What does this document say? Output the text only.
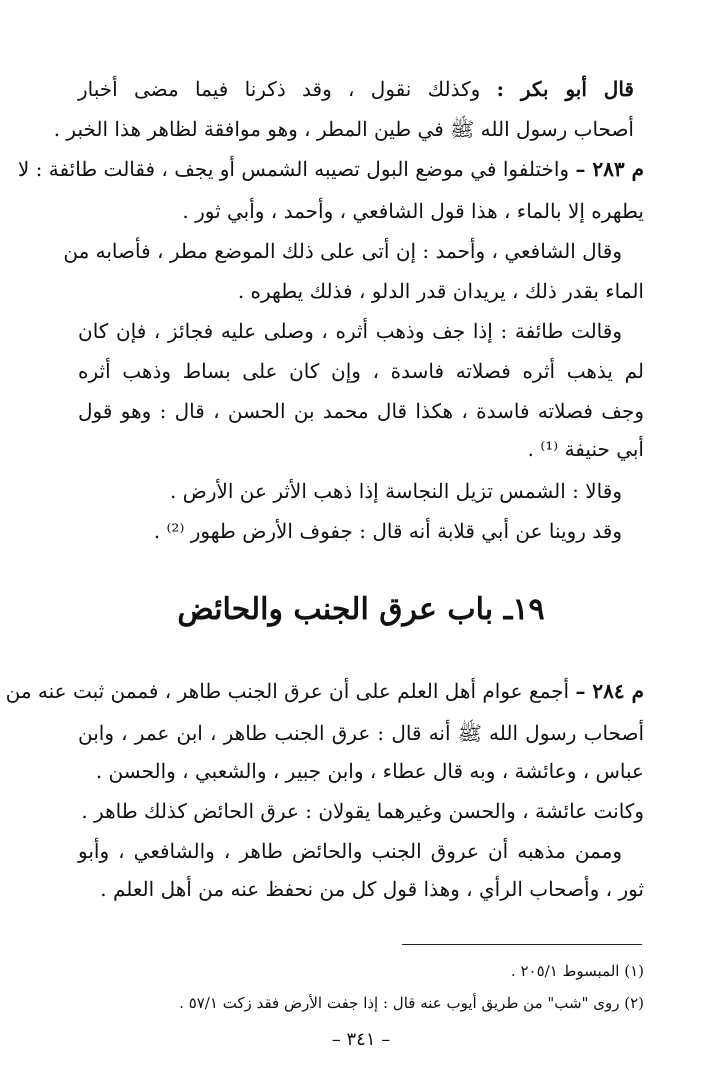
قال أبو بكر : وكذلك نقول ، وقد ذكرنا فيما مضى أخبار
أصحاب رسول الله ﷺ في طين المطر ، وهو موافقة لظاهر هذا الخبر .
م ٢٨٣ – واختلفوا في موضع البول تصيبه الشمس أو يجف ، فقالت طائفة : لا
يطهره إلا بالماء ، هذا قول الشافعي ، وأحمد ، وأبي ثور .
وقال الشافعي ، وأحمد : إن أتى على ذلك الموضع مطر ، فأصابه من
الماء بقدر ذلك ، يريدان قدر الدلو ، فذلك يطهره .
وقالت طائفة : إذا جف وذهب أثره ، وصلى عليه فجائز ، فإن كان
لم يذهب أثره فصلاته فاسدة ، وإن كان على بساط وذهب أثره
وجف فصلاته فاسدة ، هكذا قال محمد بن الحسن ، قال : وهو قول
أبي حنيفة ⁽¹⁾ .
وقالا : الشمس تزيل النجاسة إذا ذهب الأثر عن الأرض .
وقد روينا عن أبي قلابة أنه قال : جفوف الأرض طهور ⁽²⁾ .
١٩ـ باب عرق الجنب والحائض
م ٢٨٤ – أجمع عوام أهل العلم على أن عرق الجنب طاهر ، فممن ثبت عنه من
أصحاب رسول الله ﷺ أنه قال : عرق الجنب طاهر ، ابن عمر ، وابن
عباس ، وعائشة ، وبه قال عطاء ، وابن جبير ، والشعبي ، والحسن .
وكانت عائشة ، والحسن وغيرهما يقولان : عرق الحائض كذلك طاهر .
وممن مذهبه أن عروق الجنب والحائض طاهر ، والشافعي ، وأبو
ثور ، وأصحاب الرأي ، وهذا قول كل من نحفظ عنه من أهل العلم .
(١) المبسوط ٢٠٥/١ .
(٢) روى "شب" من طريق أيوب عنه قال : إذا جفت الأرض فقد زكت ٥٧/١ .
– ٣٤١ –
